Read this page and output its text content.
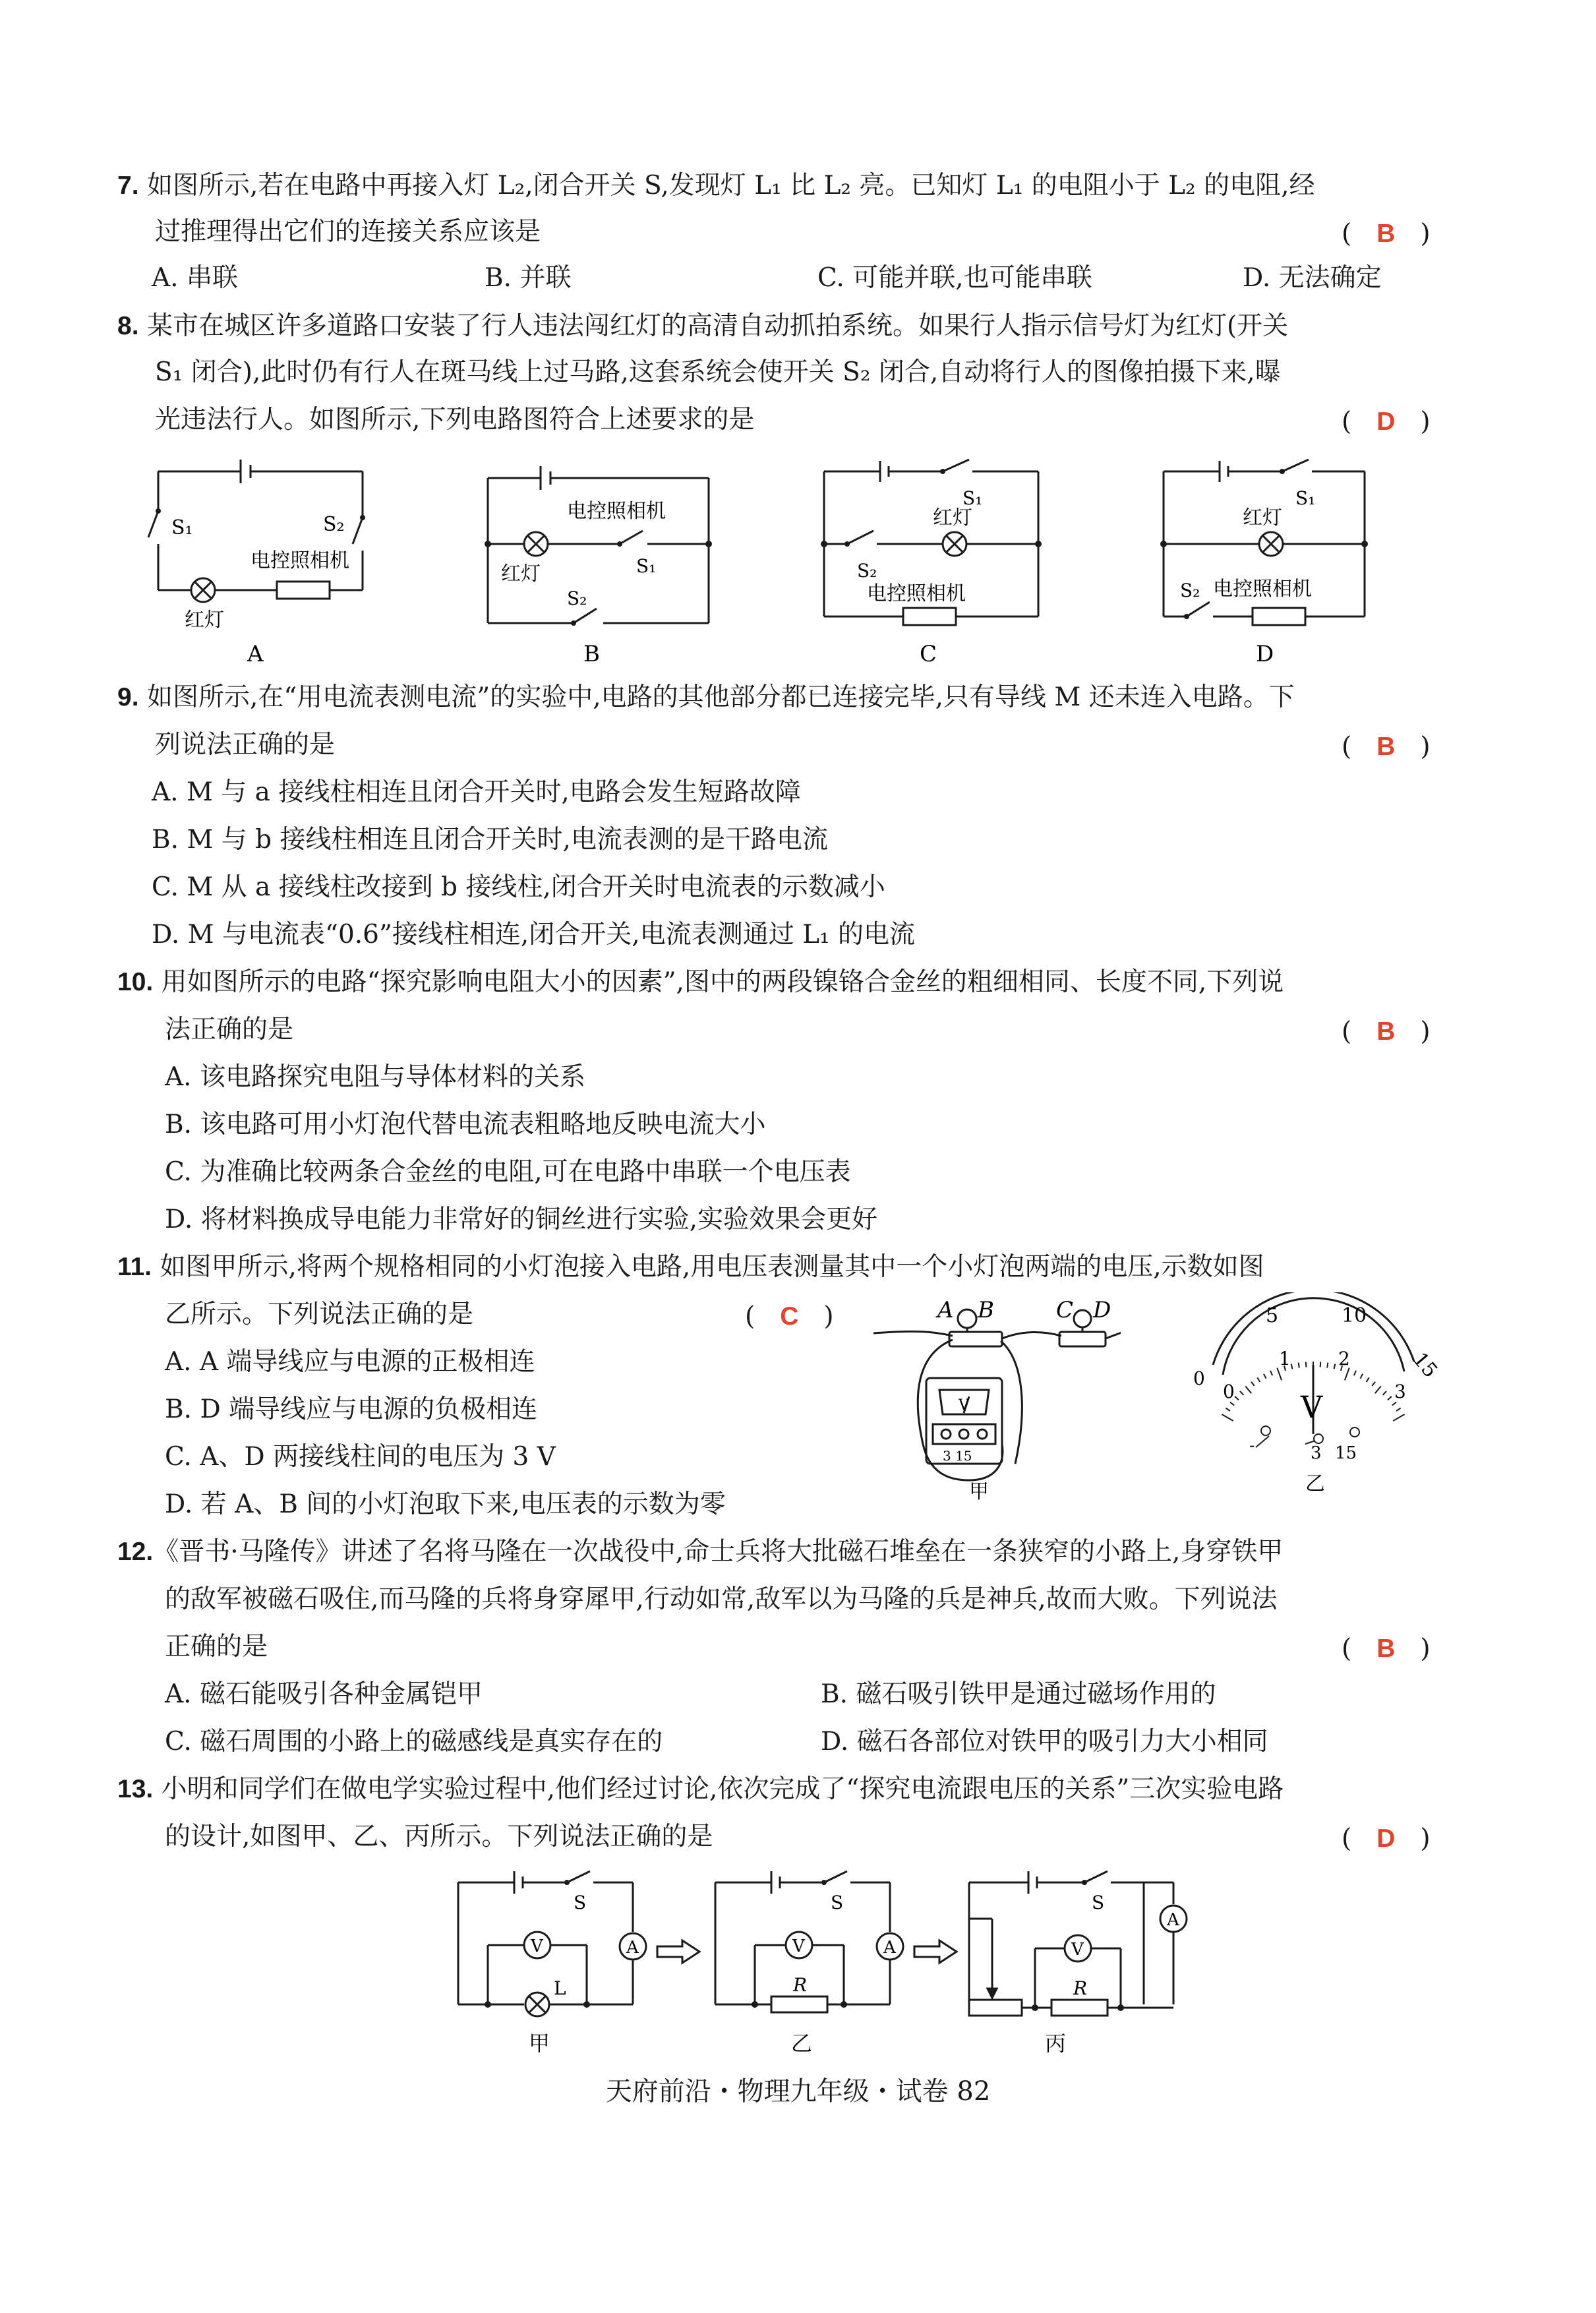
7. 如图所示,若在电路中再接入灯 L₂,闭合开关 S,发现灯 L₁ 比 L₂ 亮。已知灯 L₁ 的电阻小于 L₂ 的电阻,经
过推理得出它们的连接关系应该是	( B )
A. 串联	B. 并联	C. 可能并联,也可能串联	D. 无法确定
8. 某市在城区许多道路口安装了行人违法闯红灯的高清自动抓拍系统。如果行人指示信号灯为红灯(开关
S₁ 闭合),此时仍有行人在斑马线上过马路,这套系统会使开关 S₂ 闭合,自动将行人的图像拍摄下来,曝
光违法行人。如图所示,下列电路图符合上述要求的是	( D )
S₁	S₂
电控照相机
红灯
A
电控照相机
S₁
红灯
S₂
B
S₁
红灯
S₂
电控照相机
C
S₁
红灯
电控照相机
S₂
D
9. 如图所示,在“用电流表测电流”的实验中,电路的其他部分都已连接完毕,只有导线 M 还未连入电路。下
列说法正确的是	( B )
A. M 与 a 接线柱相连且闭合开关时,电路会发生短路故障
B. M 与 b 接线柱相连且闭合开关时,电流表测的是干路电流
C. M 从 a 接线柱改接到 b 接线柱,闭合开关时电流表的示数减小
D. M 与电流表“0.6”接线柱相连,闭合开关,电流表测通过 L₁ 的电流
10. 用如图所示的电路“探究影响电阻大小的因素”,图中的两段镍铬合金丝的粗细相同、长度不同,下列说
法正确的是	( B )
A. 该电路探究电阻与导体材料的关系
B. 该电路可用小灯泡代替电流表粗略地反映电流大小
C. 为准确比较两条合金丝的电阻,可在电路中串联一个电压表
D. 将材料换成导电能力非常好的铜丝进行实验,实验效果会更好
11. 如图甲所示,将两个规格相同的小灯泡接入电路,用电压表测量其中一个小灯泡两端的电压,示数如图
乙所示。下列说法正确的是	( C )
A. A 端导线应与电源的正极相连
B. D 端导线应与电源的负极相连
C. A、D 两接线柱间的电压为 3 V
D. 若 A、B 间的小灯泡取下来,电压表的示数为零
A B	C D
V
3 15
甲
5	10
15
0
0
1	2
3
V
-	3 15
乙
12.《晋书·马隆传》讲述了名将马隆在一次战役中,命士兵将大批磁石堆垒在一条狭窄的小路上,身穿铁甲
的敌军被磁石吸住,而马隆的兵将身穿犀甲,行动如常,敌军以为马隆的兵是神兵,故而大败。下列说法
正确的是	( B )
A. 磁石能吸引各种金属铠甲	B. 磁石吸引铁甲是通过磁场作用的
C. 磁石周围的小路上的磁感线是真实存在的	D. 磁石各部位对铁甲的吸引力大小相同
13. 小明和同学们在做电学实验过程中,他们经过讨论,依次完成了“探究电流跟电压的关系”三次实验电路
的设计,如图甲、乙、丙所示。下列说法正确的是	( D )
S
V	A
L
甲
S
V	A
R
乙
S
V
A
R
丙
天府前沿・物理九年级・试卷 82
